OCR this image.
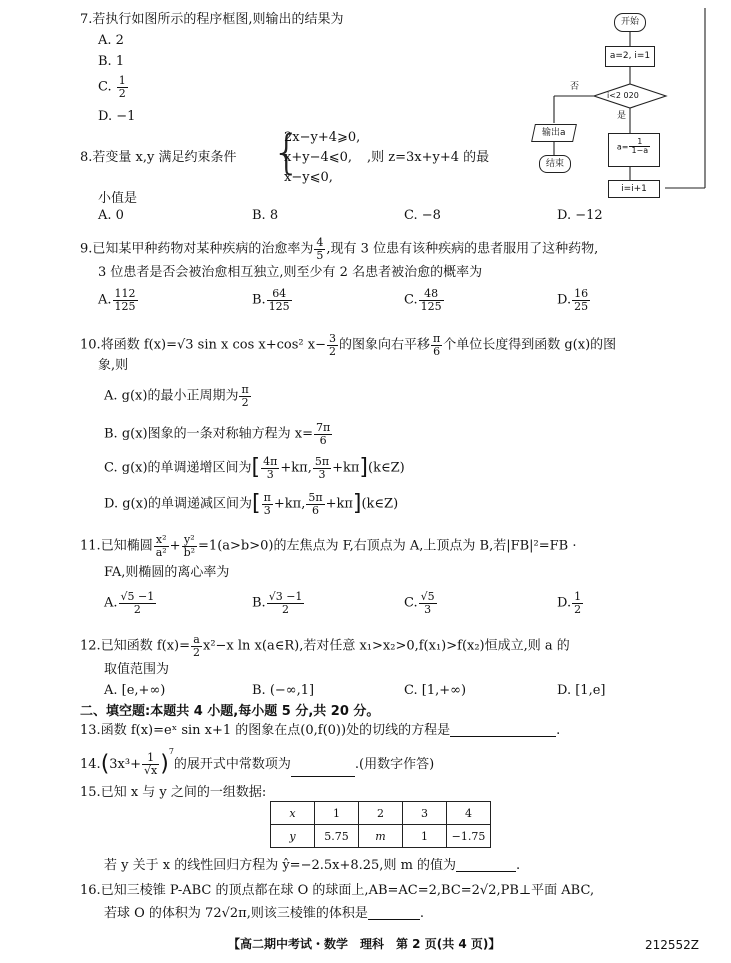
7.若执行如图所示的程序框图,则输出的结果为
A. 2
B. 1
C. $\frac{1}{2}$
D. −1
开始
a=2, i=1
i<2 020
否
是
输出a
结束
$a= \frac{1}{1-a}$
i=i+1
8.若变量 x,y 满足约束条件 {
2x−y+4⩾0,
x+y−4⩽0,
x−y⩽0,
,则 z=3x+y+4 的最
小值是
A. 0	B. 8	C. −8	D. −12
9.已知某甲种药物对某种疾病的治愈率为 $\frac{4}{5}$ ,现有 3 位患有该种疾病的患者服用了这种药物,
3 位患者是否会被治愈相互独立,则至少有 2 名患者被治愈的概率为
A. $\frac{112}{125}$	B. $\frac{64}{125}$	C. $\frac{48}{125}$	D. $\frac{16}{25}$
10.将函数 f(x)=√3 sin x cos x+cos² $x- \frac{3}{2}$ 的图象向右平移 $\frac{\pi}{6}$ 个单位长度得到函数 g(x)的图
象,则
A. g(x)的最小正周期为 $\frac{\pi}{2}$
B. g(x)图象的一条对称轴方程为 $x= \frac{7\pi}{6}$
C. g(x)的单调递增区间为[ $\frac{4\pi}{3} +k\pi$, $\frac{5\pi}{3}$ +kπ](k∈Z)
D. g(x)的单调递减区间为[ $\frac{\pi}{3} +k\pi$, $\frac{5\pi}{6}$ +kπ](k∈Z)
11.已知椭圆 $\frac{\text{x²}}{\text{a²}} + \frac{\text{y²}}{\text{b²}} =1(a>b>0)$的左焦点为 F,右顶点为 A,上顶点为 B,若|FB|²=FB ·
FA,则椭圆的离心率为
A. $\frac{√5 -1}{2}$	B. $\frac{√3 -1}{2}$	C. $\frac{√5}{3}$	D. $\frac{1}{2}$
12.已知函数 $f(x)= \frac{a}{2} x^2-x$ ln x(a∈R),若对任意 x₁>x₂>0,f(x₁)>f(x₂)恒成立,则 a 的
取值范围为
A. [e,+∞)	B. (−∞,1]	C. [1,+∞)	D. [1,e]
二、填空题:本题共 4 小题,每小题 5 分,共 20 分。
13.函数 f(x)=eˣ sin x+1 的图象在点(0,f(0))处的切线的方程是	.
$14.(3x^3+ \frac{1}{√x} )^7$的展开式中常数项为	.(用数字作答)
15.已知 x 与 y 之间的一组数据:
x	1	2	3	4
y	5.75	m	1	−1.75
若 y 关于 x 的线性回归方程为 ŷ=−2.5x+8.25,则 m 的值为	.
16.已知三棱锥 P-ABC 的顶点都在球 O 的球面上,AB=AC=2,BC=2√2,PB⊥平面 ABC,
若球 O 的体积为 72√2π,则该三棱锥的体积是	.
【高二期中考试・数学　理科　第 2 页(共 4 页)】	212552Z
